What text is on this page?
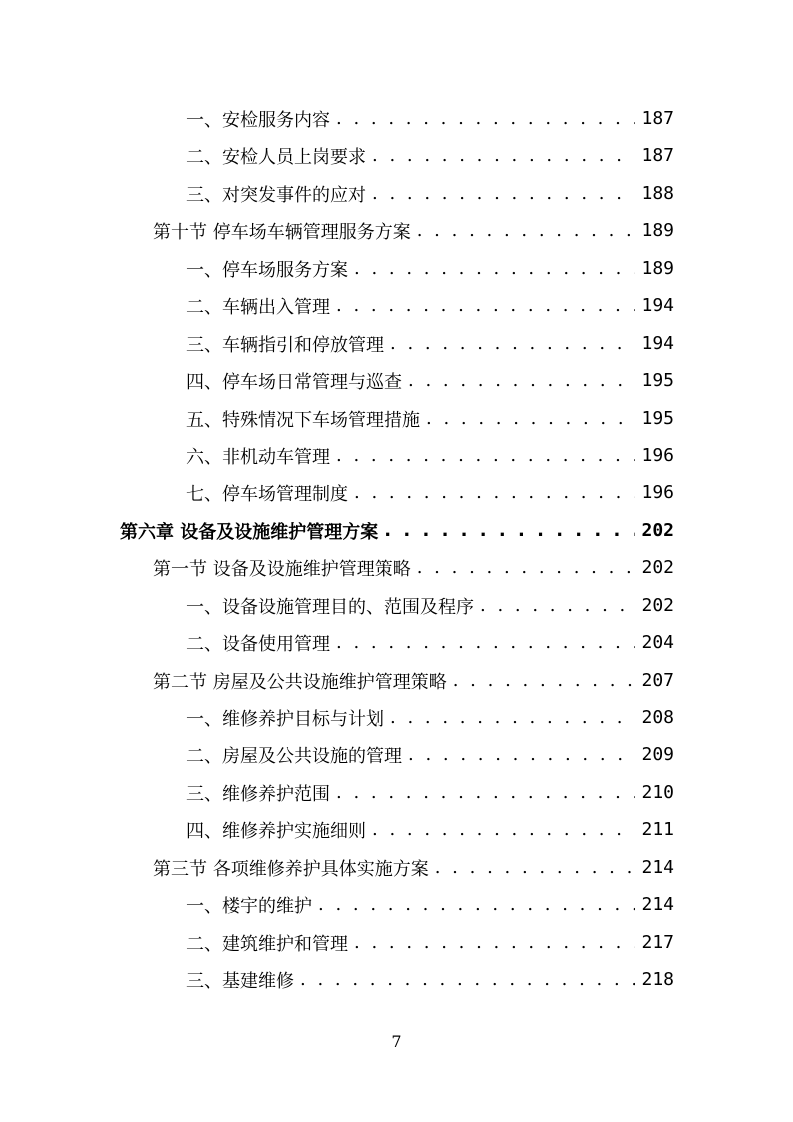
一、安检服务内容 . . .	187
二、安检人员上岗要求 . . .	187
三、对突发事件的应对 . . .	188
第十节 停车场车辆管理服务方案 . . .	189
一、停车场服务方案 . . .	189
二、车辆出入管理 . . .	194
三、车辆指引和停放管理 . . .	194
四、停车场日常管理与巡查 . . .	195
五、特殊情况下车场管理措施 . . .	195
六、非机动车管理 . . .	196
七、停车场管理制度 . . .	196
第六章 设备及设施维护管理方案 . . .	202
第一节 设备及设施维护管理策略 . . .	202
一、设备设施管理目的、范围及程序 . . .	202
二、设备使用管理 . . .	204
第二节 房屋及公共设施维护管理策略 . . .	207
一、维修养护目标与计划 . . .	208
二、房屋及公共设施的管理 . . .	209
三、维修养护范围 . . .	210
四、维修养护实施细则 . . .	211
第三节 各项维修养护具体实施方案 . . .	214
一、楼宇的维护 . . .	214
二、建筑维护和管理 . . .	217
三、基建维修 . . .	218
7
